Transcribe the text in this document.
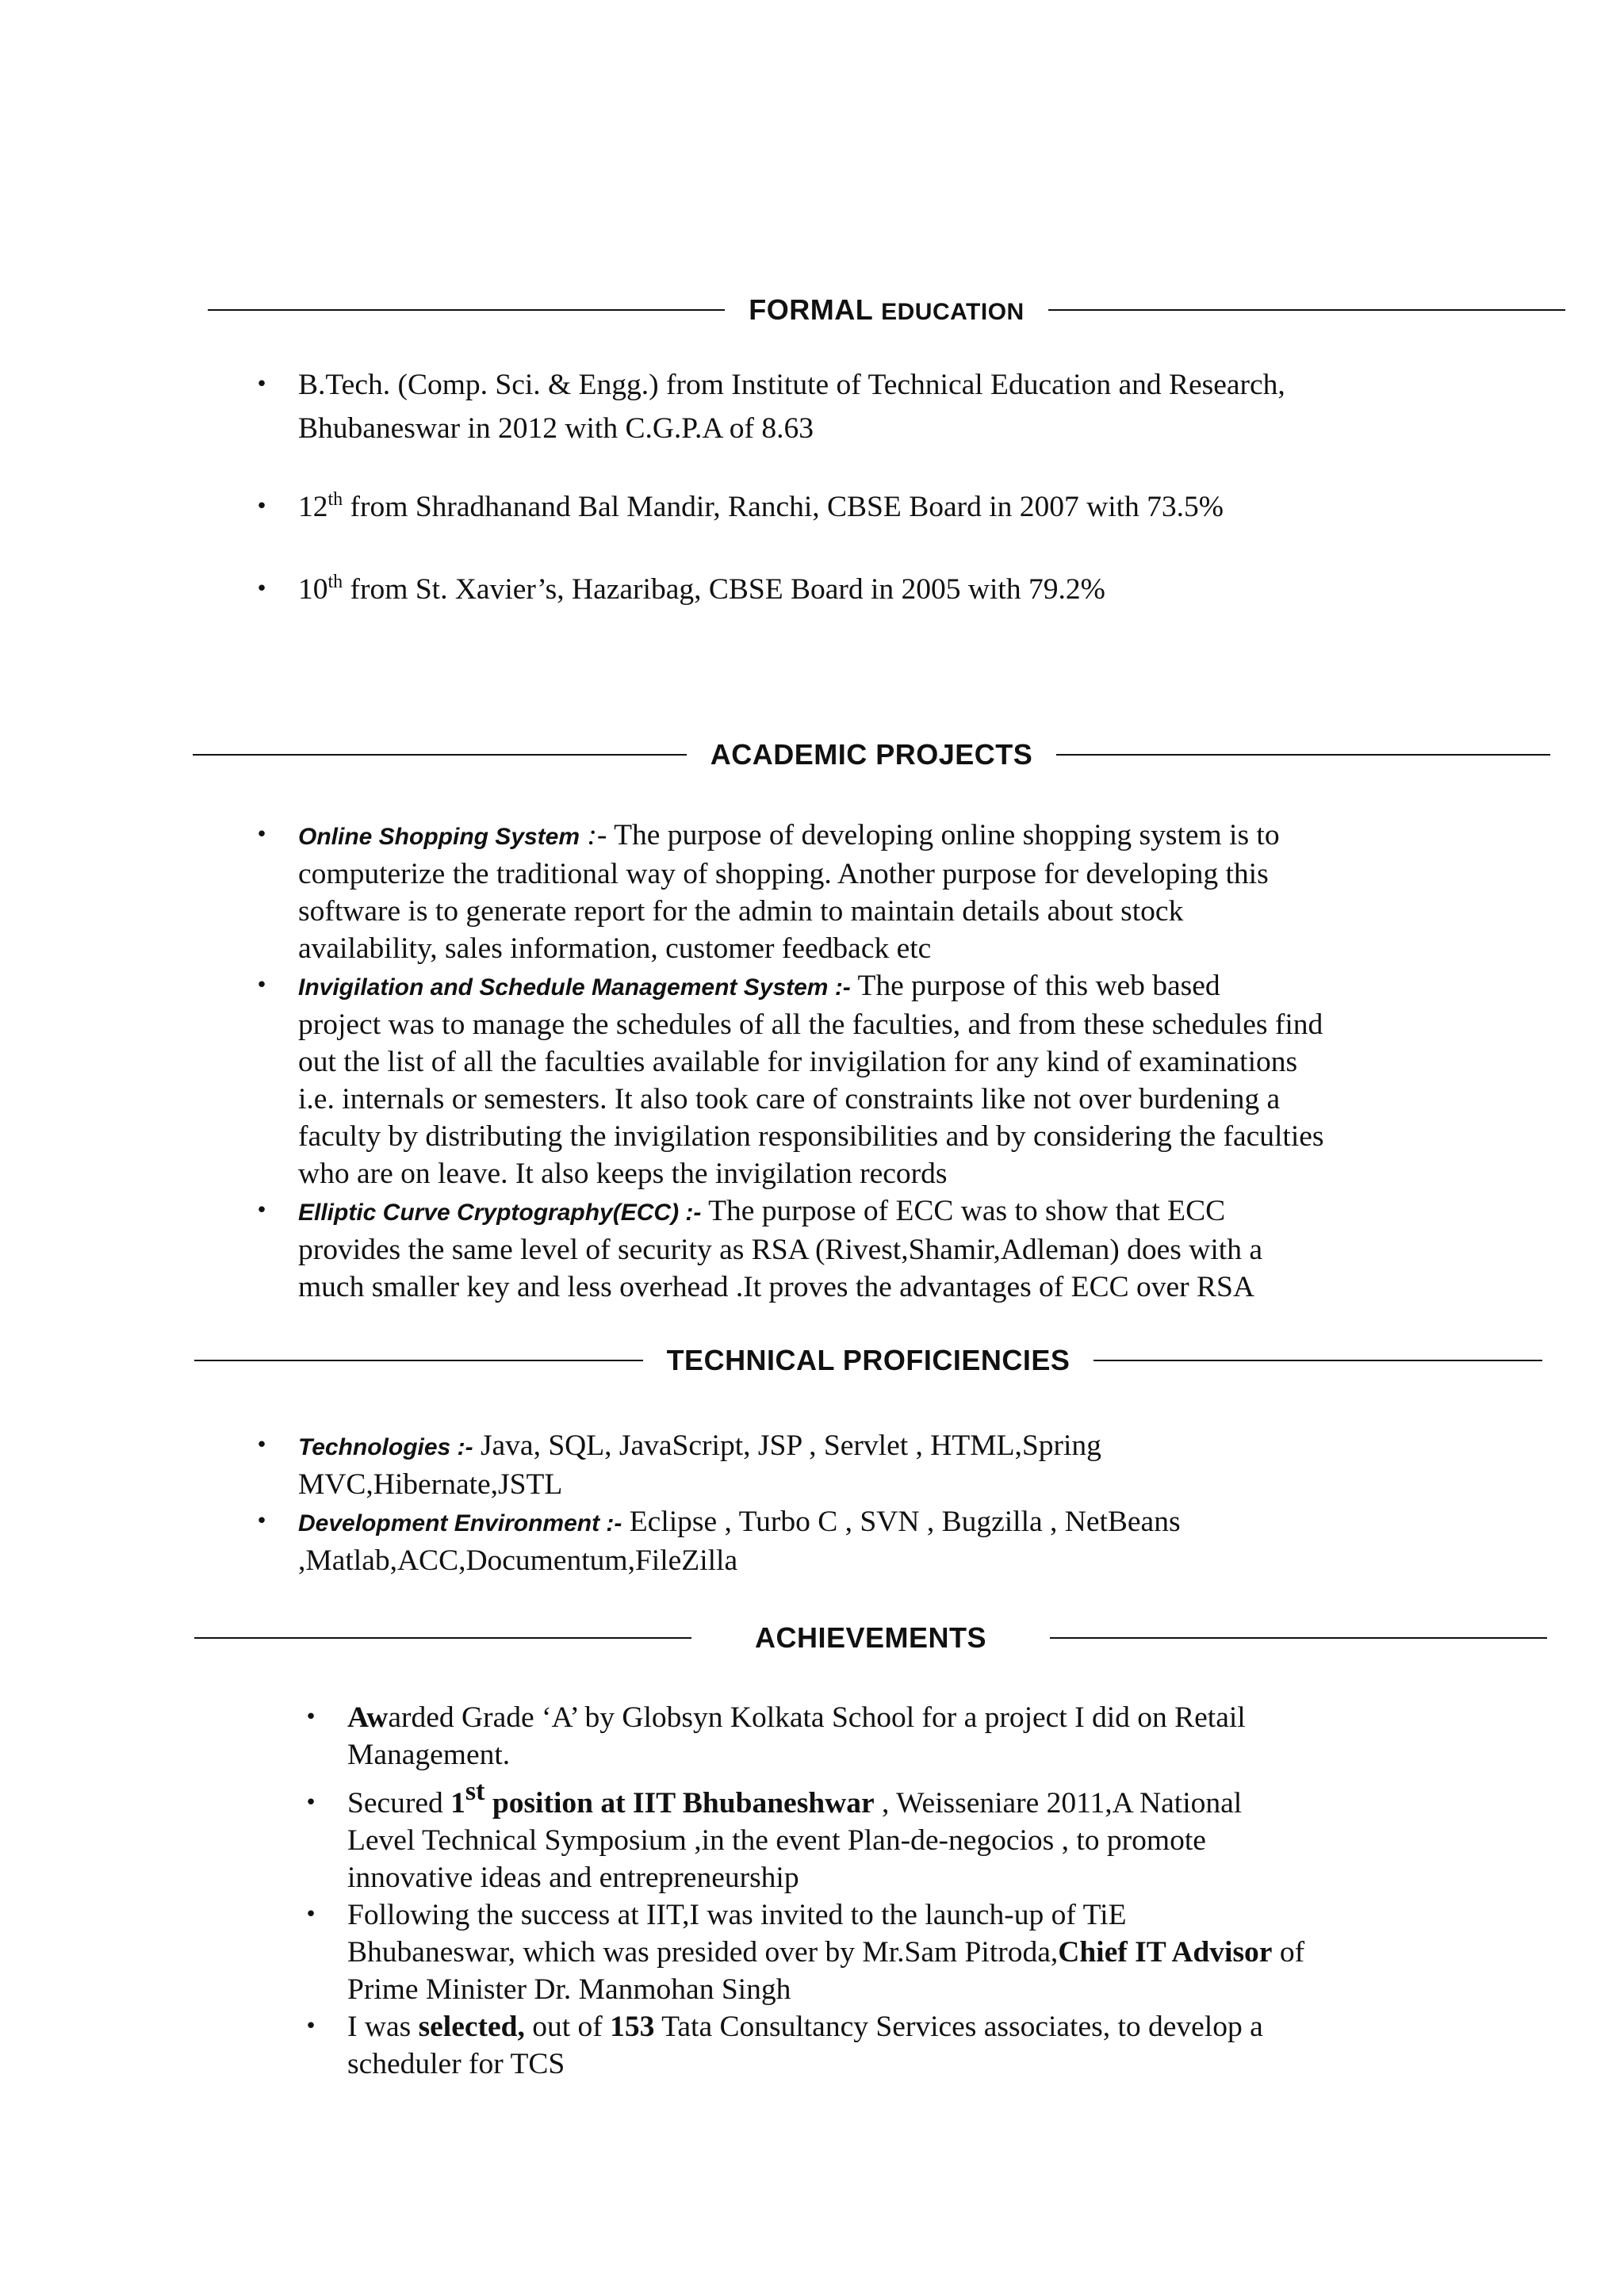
FORMAL EDUCATION
• B.Tech. (Comp. Sci. & Engg.) from Institute of Technical Education and Research,
Bhubaneswar in 2012 with C.G.P.A of 8.63
• 12th from Shradhanand Bal Mandir, Ranchi, CBSE Board in 2007 with 73.5%
• 10th from St. Xavier’s, Hazaribag, CBSE Board in 2005 with 79.2%
ACADEMIC PROJECTS
• Online Shopping System :- The purpose of developing online shopping system is to
computerize the traditional way of shopping. Another purpose for developing this
software is to generate report for the admin to maintain details about stock
availability, sales information, customer feedback etc
• Invigilation and Schedule Management System :- The purpose of this web based
project was to manage the schedules of all the faculties, and from these schedules find
out the list of all the faculties available for invigilation for any kind of examinations
i.e. internals or semesters. It also took care of constraints like not over burdening a
faculty by distributing the invigilation responsibilities and by considering the faculties
who are on leave. It also keeps the invigilation records
• Elliptic Curve Cryptography(ECC) :- The purpose of ECC was to show that ECC
provides the same level of security as RSA (Rivest,Shamir,Adleman) does with a
much smaller key and less overhead .It proves the advantages of ECC over RSA
TECHNICAL PROFICIENCIES
• Technologies :- Java, SQL, JavaScript, JSP , Servlet , HTML,Spring
MVC,Hibernate,JSTL
• Development Environment :- Eclipse , Turbo C , SVN , Bugzilla , NetBeans
,Matlab,ACC,Documentum,FileZilla
ACHIEVEMENTS
• Awarded Grade ‘A’ by Globsyn Kolkata School for a project I did on Retail
Management.
• Secured 1st position at IIT Bhubaneshwar , Weisseniare 2011,A National
Level Technical Symposium ,in the event Plan-de-negocios , to promote
innovative ideas and entrepreneurship
• Following the success at IIT,I was invited to the launch-up of TiE
Bhubaneswar, which was presided over by Mr.Sam Pitroda,Chief IT Advisor of
Prime Minister Dr. Manmohan Singh
• I was selected, out of 153 Tata Consultancy Services associates, to develop a
scheduler for TCS
